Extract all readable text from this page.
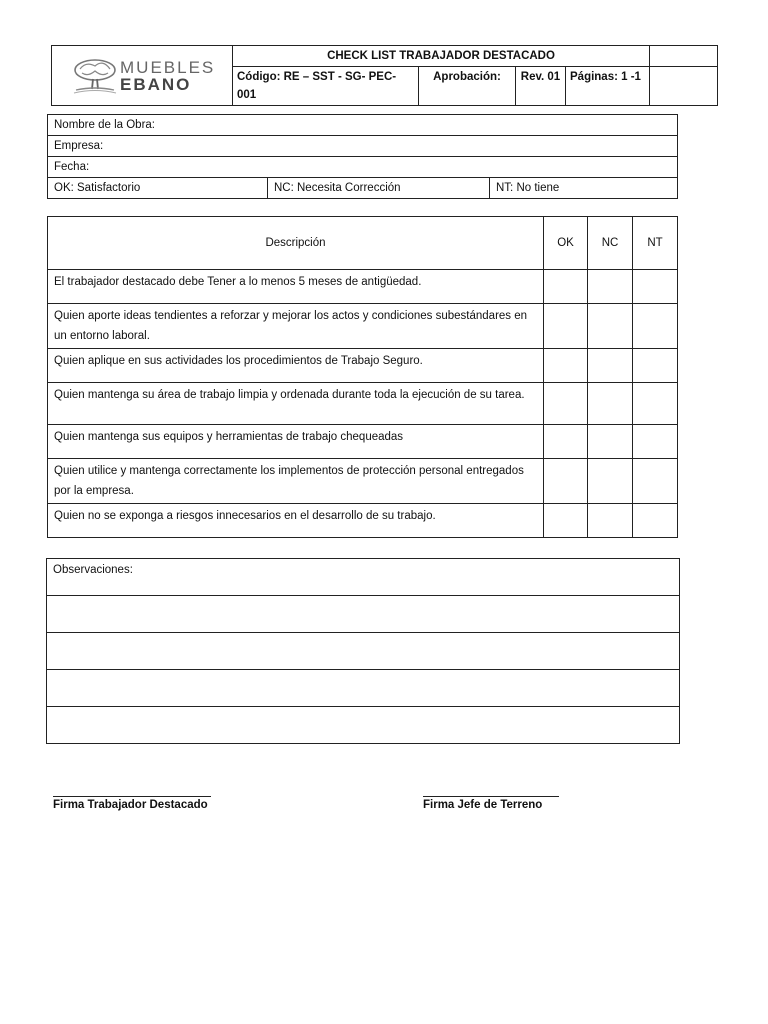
MUEBLES
EBANO	CHECK LIST TRABAJADOR DESTACADO				
	Código: RE – SST - SG- PEC-001	Aprobación:	Rev. 01	Páginas: 1 -1	
Nombre de la Obra:
Empresa:
Fecha:
OK: Satisfactorio	NC: Necesita Corrección	NT: No tiene
Descripción	OK	NC	NT
El trabajador destacado debe Tener a lo menos 5 meses de antigüedad.			
Quien aporte ideas tendientes a reforzar y mejorar los actos y condiciones subestándares en un entorno laboral.			
Quien aplique en sus actividades los procedimientos de Trabajo Seguro.			
Quien mantenga su área de trabajo limpia y ordenada durante toda la ejecución de su tarea.			
Quien mantenga sus equipos y herramientas de trabajo chequeadas			
Quien utilice y mantenga correctamente los implementos de protección personal entregados por la empresa.			
Quien no se exponga a riesgos innecesarios en el desarrollo de su trabajo.			
Observaciones:

Firma Trabajador Destacado	Firma Jefe de Terreno
